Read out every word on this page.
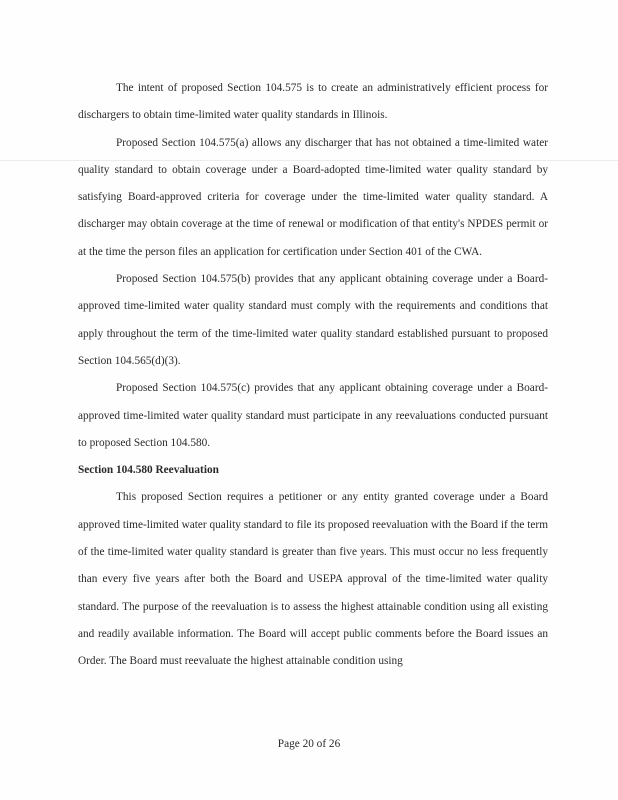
The intent of proposed Section 104.575 is to create an administratively efficient process for dischargers to obtain time-limited water quality standards in Illinois.

Proposed Section 104.575(a) allows any discharger that has not obtained a time-limited water quality standard to obtain coverage under a Board-adopted time-limited water quality standard by satisfying Board-approved criteria for coverage under the time-limited water quality standard. A discharger may obtain coverage at the time of renewal or modification of that entity's NPDES permit or at the time the person files an application for certification under Section 401 of the CWA.

Proposed Section 104.575(b) provides that any applicant obtaining coverage under a Board-approved time-limited water quality standard must comply with the requirements and conditions that apply throughout the term of the time-limited water quality standard established pursuant to proposed Section 104.565(d)(3).

Proposed Section 104.575(c) provides that any applicant obtaining coverage under a Board-approved time-limited water quality standard must participate in any reevaluations conducted pursuant to proposed Section 104.580.

Section 104.580 Reevaluation

This proposed Section requires a petitioner or any entity granted coverage under a Board approved time-limited water quality standard to file its proposed reevaluation with the Board if the term of the time-limited water quality standard is greater than five years. This must occur no less frequently than every five years after both the Board and USEPA approval of the time-limited water quality standard. The purpose of the reevaluation is to assess the highest attainable condition using all existing and readily available information. The Board will accept public comments before the Board issues an Order. The Board must reevaluate the highest attainable condition using

Page 20 of 26
